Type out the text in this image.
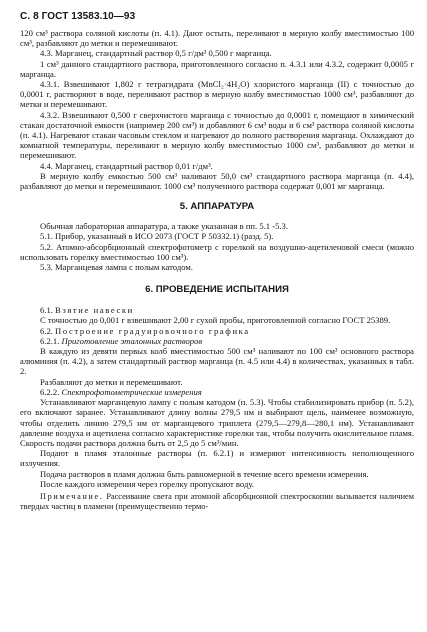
С. 8 ГОСТ 13583.10—93

120 см³ раствора соляной кислоты (п. 4.1). Дают остыть, переливают в мерную колбу вместимостью 100 см³, разбавляют до метки и перемешивают.

4.3. Марганец, стандартный раствор 0,5 г/дм³ 0,500 г марганца.

1 см³ данного стандартного раствора, приготовленного согласно п. 4.3.1 или 4.3.2, содержит 0,0005 г марганца.

4.3.1. Взвешивают 1,802 г тетрагидрата (MnCl₂·4H₂O) хлористого марганца (II) с точностью до 0,0001 г, растворяют в воде, переливают раствор в мерную колбу вместимостью 1000 см³, разбавляют до метки и перемешивают.

4.3.2. Взвешивают 0,500 г сверхчистого марганца с точностью до 0,0001 г, помещают в химический стакан достаточной емкости (например 200 см³) и добавляют 6 см³ воды и 6 см³ раствора соляной кислоты (п. 4.1). Нагревают стакан часовым стеклом и нагревают до полного растворения марганца. Охлаждают до комнатной температуры, переливают в мерную колбу вместимостью 1000 см³, разбавляют до метки и перемешивают.

4.4. Марганец, стандартный раствор 0,01 г/дм³.

В мерную колбу емкостью 500 см³ наливают 50,0 см³ стандартного раствора марганца (п. 4.4), разбавляют до метки и перемешивают. 1000 см³ полученного раствора содержат 0,001 мг марганца.

5. АППАРАТУРА

Обычная лабораторная аппаратура, а также указанная в пп. 5.1 -5.3.

5.1. Прибор, указанный в ИСО 2073 (ГОСТ Р 50332.1) (разд. 5).

5.2. Атомно-абсорбционный спектрофотометр с горелкой на воздушно-ацетиленовой смеси (можно использовать горелку вместимостью 100 см³).

5.3. Марганцевая лампа с полым катодом.

6. ПРОВЕДЕНИЕ ИСПЫТАНИЯ

6.1. Взятие навески

С точностью до 0,001 г взвешивают 2,00 г сухой пробы, приготовленной согласно ГОСТ 25389.

6.2. Построение градуировочного графика

6.2.1. Приготовление эталонных растворов

В каждую из девяти первых колб вместимостью 500 см³ наливают по 100 см³ основного раствора алюминия (п. 4.2), а затем стандартный раствор марганца (п. 4.5 или 4.4) в количествах, указанных в табл. 2.

Разбавляют до метки и перемешивают.

6.2.2. Спектрофотометрические измерения

Устанавливают марганцевую лампу с полым катодом (п. 5.3). Чтобы стабилизировать прибор (п. 5.2), его включают заранее. Устанавливают длину волны 279,5 нм и выбирают щель, наименее возможную, чтобы отделить линию 279,5 нм от марганцевого триплета (279,5—279,8—280,1 нм). Устанавливают давление воздуха и ацетилена согласно характеристике горелки так, чтобы получить окислительное пламя. Скорость подачи раствора должна быть от 2,5 до 5 см³/мин.

Подают в пламя эталонные растворы (п. 6.2.1) и измеряют интенсивность неполнощенного излучения.

Подача растворов в пламя должна быть равномерной в течение всего времени измерения.

После каждого измерения через горелку пропускают воду.

Примечание. Рассеивание света при атомной абсорбционной спектроскопии вызывается наличием твердых частиц в пламени (преимущественно термо-
